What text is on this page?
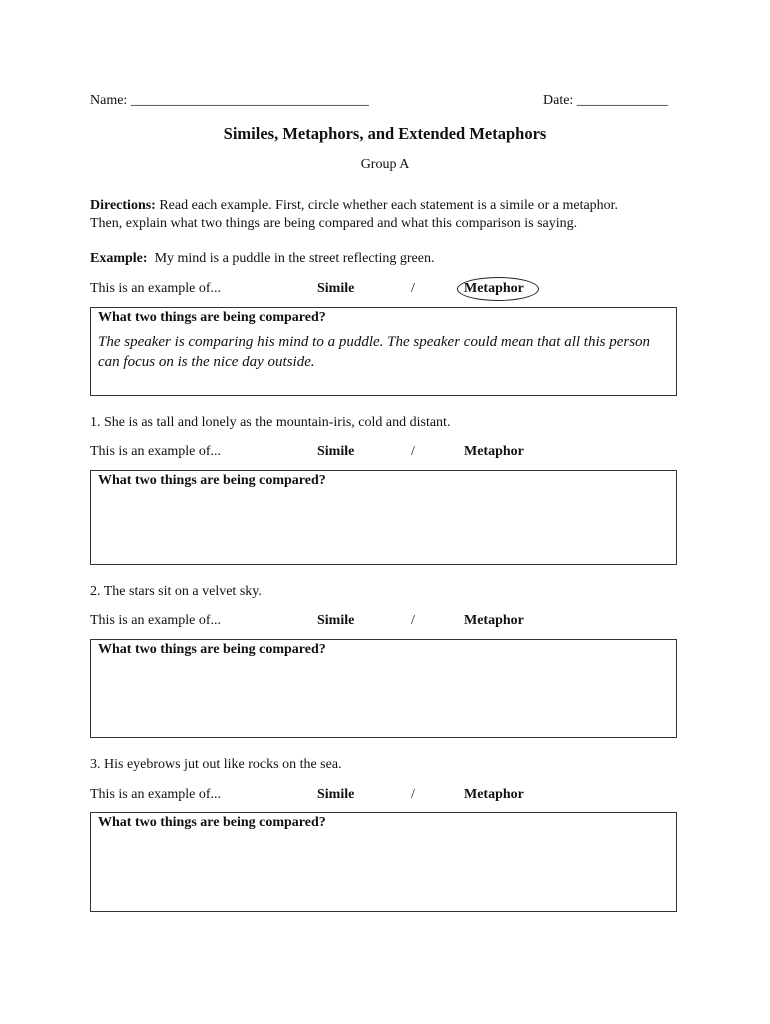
Name: __________________________________	Date: _____________
Similes, Metaphors, and Extended Metaphors
Group A
Directions: Read each example. First, circle whether each statement is a simile or a metaphor.
Then, explain what two things are being compared and what this comparison is saying.
Example: My mind is a puddle in the street reflecting green.
This is an example of...	Simile	/	Metaphor
What two things are being compared?
The speaker is comparing his mind to a puddle. The speaker could mean that all this person can focus on is the nice day outside.
1. She is as tall and lonely as the mountain-iris, cold and distant.
This is an example of...	Simile	/	Metaphor
What two things are being compared?
2. The stars sit on a velvet sky.
This is an example of...	Simile	/	Metaphor
What two things are being compared?
3. His eyebrows jut out like rocks on the sea.
This is an example of...	Simile	/	Metaphor
What two things are being compared?
